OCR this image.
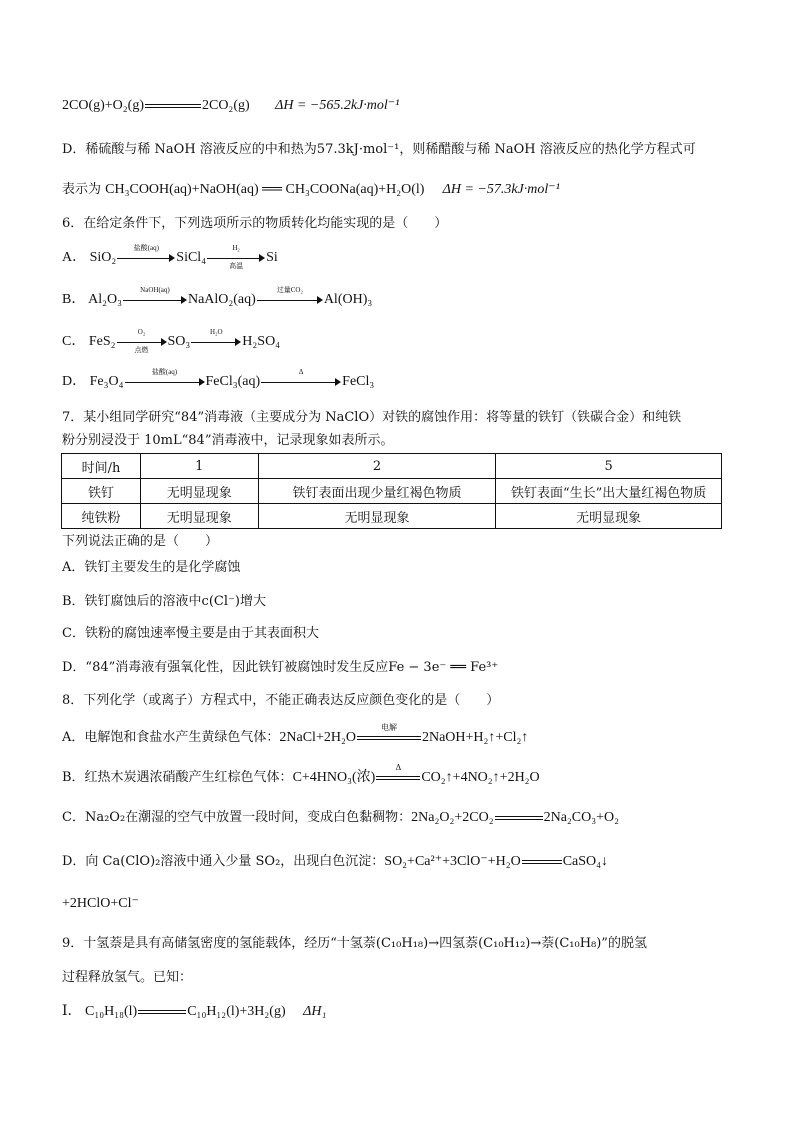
2CO(g)+O₂(g)	2CO₂(g) ΔH = −565.2kJ·mol⁻¹
D．稀硫酸与稀 NaOH 溶液反应的中和热为57.3kJ·mol⁻¹，则稀醋酸与稀 NaOH 溶液反应的热化学方程式可
表示为 CH₃COOH(aq)+NaOH(aq) ══ CH₃COONa(aq)+H₂O(l) ΔH = −57.3kJ·mol⁻¹
6．在给定条件下，下列选项所示的物质转化均能实现的是（　　）
A． SiO₂
盐酸(aq)
SiCl₄
H₂
高温
Si
B． Al₂O₃
NaOH(aq)
NaAlO₂(aq)
过量CO₂
Al(OH)₃
C． FeS₂
O₂
点燃
SO₃
H₂O
H₂SO₄
D． Fe₃O₄
盐酸(aq)
FeCl₃(aq)
Δ
FeCl₃
7．某小组同学研究“84”消毒液（主要成分为 NaClO）对铁的腐蚀作用：将等量的铁钉（铁碳合金）和纯铁
粉分别浸没于 10mL“84”消毒液中，记录现象如表所示。
时间/h	1	2	5
铁钉	无明显现象	铁钉表面出现少量红褐色物质	铁钉表面“生长”出大量红褐色物质
纯铁粉	无明显现象	无明显现象	无明显现象
下列说法正确的是（　　）
A．铁钉主要发生的是化学腐蚀
B．铁钉腐蚀后的溶液中c(Cl⁻)增大
C．铁粉的腐蚀速率慢主要是由于其表面积大
D．“84”消毒液有强氧化性，因此铁钉被腐蚀时发生反应Fe − 3e⁻ ══ Fe³⁺
8．下列化学（或离子）方程式中，不能正确表达反应颜色变化的是（　　）
A．电解饱和食盐水产生黄绿色气体：2NaCl+2H₂O
电解
2NaOH+H₂↑+Cl₂↑
B．红热木炭遇浓硝酸产生红棕色气体：C+4HNO₃(浓)
Δ
CO₂↑+4NO₂↑+2H₂O
C．Na₂O₂在潮湿的空气中放置一段时间，变成白色黏稠物：2Na₂O₂+2CO₂	2Na₂CO₃+O₂
D．向 Ca(ClO)₂溶液中通入少量 SO₂，出现白色沉淀：SO₂+Ca²⁺+3ClO⁻+H₂O	CaSO₄↓
+2HClO+Cl⁻
9．十氢萘是具有高储氢密度的氢能载体，经历“十氢萘(C₁₀H₁₈)→四氢萘(C₁₀H₁₂)→萘(C₁₀H₈)”的脱氢
过程释放氢气。已知：
Ⅰ． C₁₀H₁₈(l)	C₁₀H₁₂(l)+3H₂(g) ΔH₁
